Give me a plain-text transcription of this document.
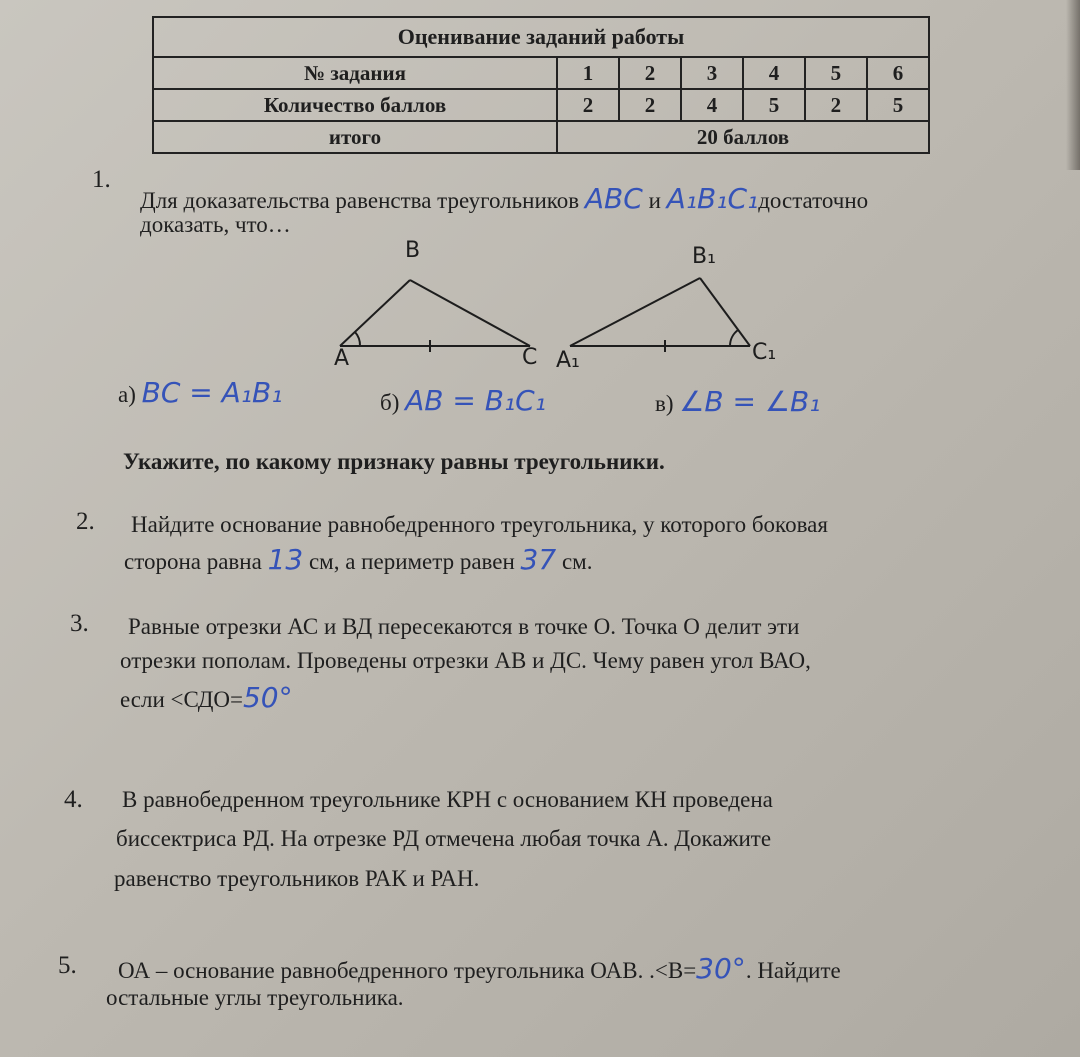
Оценивание заданий работы						
№ задания	1	2	3	4	5	6
Количество баллов	2	2	4	5	2	5
итого	20 баллов					
1.
Для доказательства равенства треугольников ABC и A₁B₁C₁достаточно
доказать, что…
B
A	C
B₁
A₁	C₁
а) BC = A₁B₁	б) AB = B₁C₁	в) ∠B = ∠B₁
Укажите, по какому признаку равны треугольники.
2. Найдите основание равнобедренного треугольника, у которого боковая
сторона равна 13 см, а периметр равен 37 см.
3. Равные отрезки АС и ВД пересекаются в точке О. Точка О делит эти
отрезки пополам. Проведены отрезки АВ и ДС. Чему равен угол ВАО,
если <СДО=50°
4. В равнобедренном треугольнике КРН с основанием КН проведена
биссектриса РД. На отрезке РД отмечена любая точка А. Докажите
равенство треугольников РАК и РАН.
5. ОА – основание равнобедренного треугольника ОАВ. .<В=30°. Найдите
остальные углы треугольника.
